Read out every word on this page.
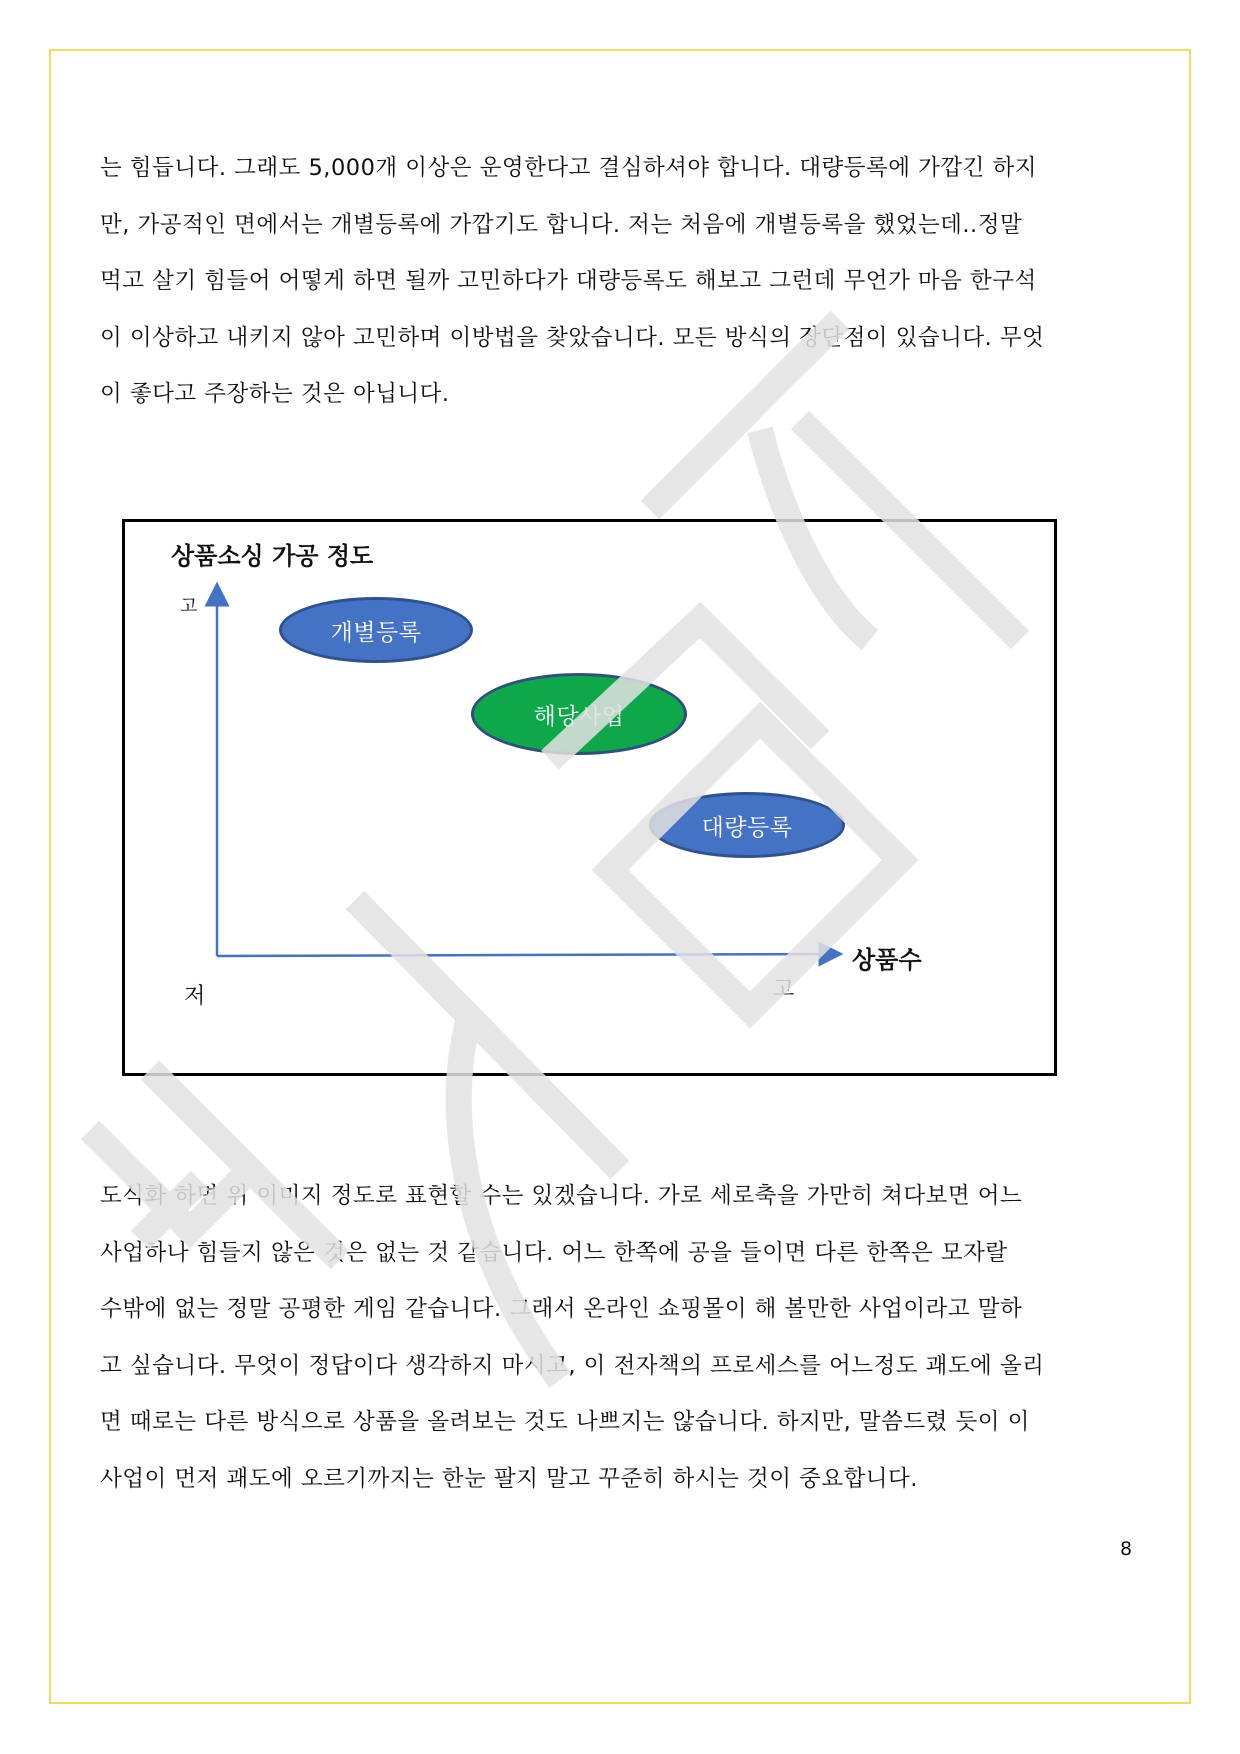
는 힘듭니다. 그래도 5,000개 이상은 운영한다고 결심하셔야 합니다. 대량등록에 가깝긴 하지
만, 가공적인 면에서는 개별등록에 가깝기도 합니다. 저는 처음에 개별등록을 했었는데..정말
먹고 살기 힘들어 어떻게 하면 될까 고민하다가 대량등록도 해보고 그런데 무언가 마음 한구석
이 이상하고 내키지 않아 고민하며 이방법을 찾았습니다. 모든 방식의 장단점이 있습니다. 무엇
이 좋다고 주장하는 것은 아닙니다.
상품소싱 가공 정도
고
저	고
상품수
개별등록
해당사업
대량등록
도식화 하면 위 이미지 정도로 표현할 수는 있겠습니다. 가로 세로축을 가만히 쳐다보면 어느
사업하나 힘들지 않은 것은 없는 것 같습니다. 어느 한쪽에 공을 들이면 다른 한쪽은 모자랄
수밖에 없는 정말 공평한 게임 같습니다. 그래서 온라인 쇼핑몰이 해 볼만한 사업이라고 말하
고 싶습니다. 무엇이 정답이다 생각하지 마시고, 이 전자책의 프로세스를 어느정도 괘도에 올리
면 때로는 다른 방식으로 상품을 올려보는 것도 나쁘지는 않습니다. 하지만, 말씀드렸 듯이 이
사업이 먼저 괘도에 오르기까지는 한눈 팔지 말고 꾸준히 하시는 것이 중요합니다.
8
